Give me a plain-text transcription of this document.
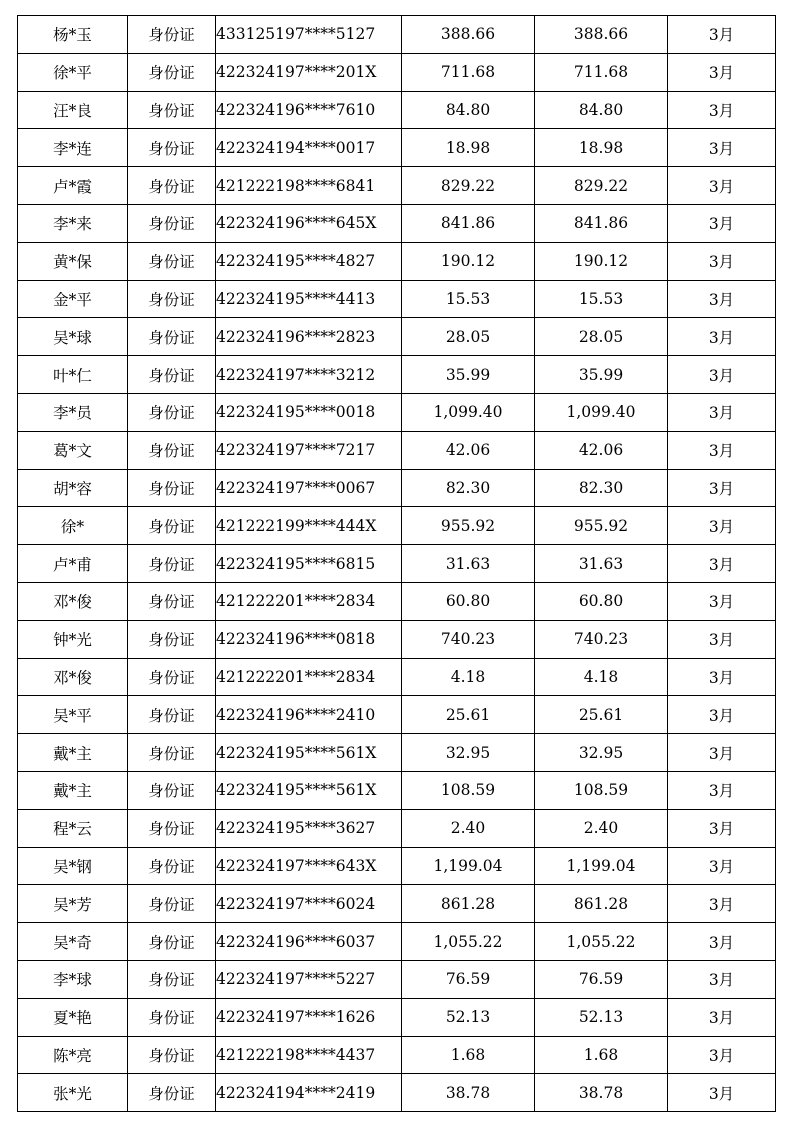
杨*玉	身份证	433125197****5127	388.66	388.66	3月
徐*平	身份证	422324197****201X	711.68	711.68	3月
汪*良	身份证	422324196****7610	84.80	84.80	3月
李*连	身份证	422324194****0017	18.98	18.98	3月
卢*霞	身份证	421222198****6841	829.22	829.22	3月
李*来	身份证	422324196****645X	841.86	841.86	3月
黄*保	身份证	422324195****4827	190.12	190.12	3月
金*平	身份证	422324195****4413	15.53	15.53	3月
吴*球	身份证	422324196****2823	28.05	28.05	3月
叶*仁	身份证	422324197****3212	35.99	35.99	3月
李*员	身份证	422324195****0018	1,099.40	1,099.40	3月
葛*文	身份证	422324197****7217	42.06	42.06	3月
胡*容	身份证	422324197****0067	82.30	82.30	3月
徐*	身份证	421222199****444X	955.92	955.92	3月
卢*甫	身份证	422324195****6815	31.63	31.63	3月
邓*俊	身份证	421222201****2834	60.80	60.80	3月
钟*光	身份证	422324196****0818	740.23	740.23	3月
邓*俊	身份证	421222201****2834	4.18	4.18	3月
吴*平	身份证	422324196****2410	25.61	25.61	3月
戴*主	身份证	422324195****561X	32.95	32.95	3月
戴*主	身份证	422324195****561X	108.59	108.59	3月
程*云	身份证	422324195****3627	2.40	2.40	3月
吴*钢	身份证	422324197****643X	1,199.04	1,199.04	3月
吴*芳	身份证	422324197****6024	861.28	861.28	3月
吴*奇	身份证	422324196****6037	1,055.22	1,055.22	3月
李*球	身份证	422324197****5227	76.59	76.59	3月
夏*艳	身份证	422324197****1626	52.13	52.13	3月
陈*亮	身份证	421222198****4437	1.68	1.68	3月
张*光	身份证	422324194****2419	38.78	38.78	3月
